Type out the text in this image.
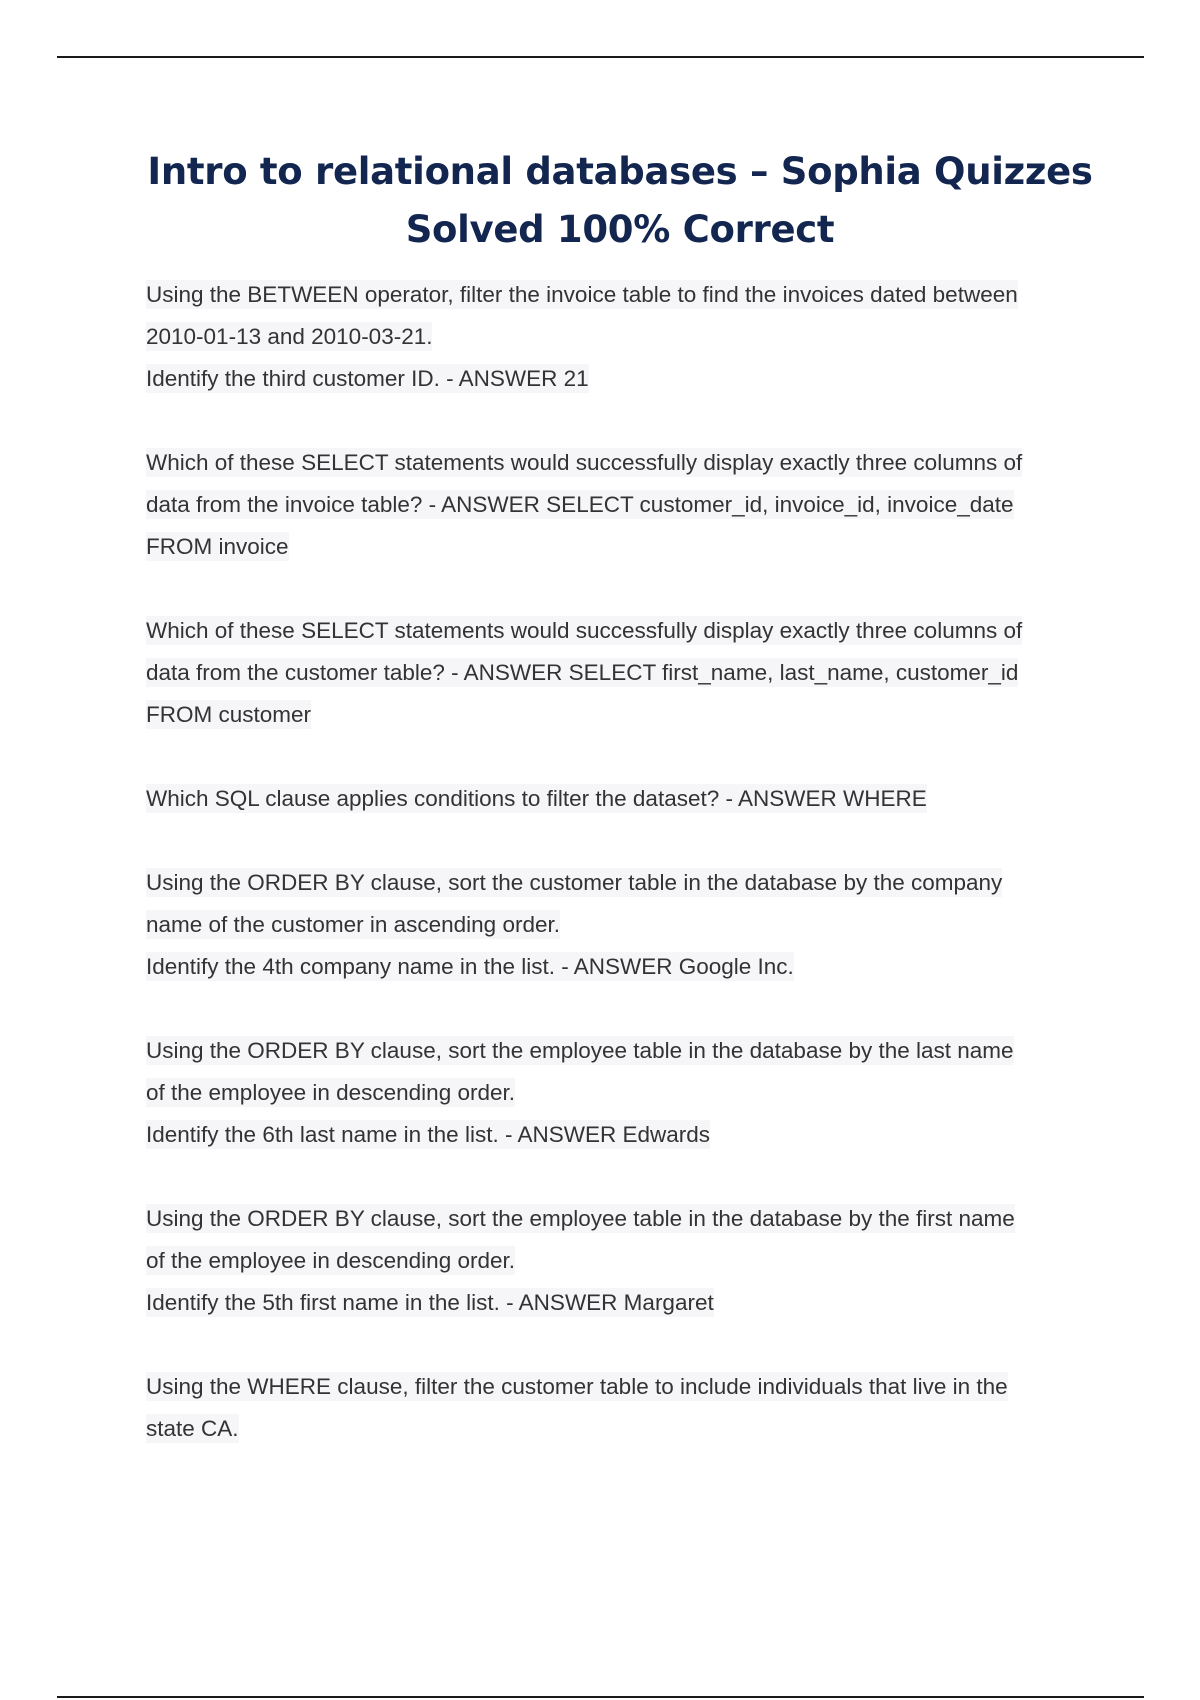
Intro to relational databases – Sophia Quizzes
Solved 100% Correct
Using the BETWEEN operator, filter the invoice table to find the invoices dated between
2010-01-13 and 2010-03-21.
Identify the third customer ID. - ANSWER 21
Which of these SELECT statements would successfully display exactly three columns of
data from the invoice table? - ANSWER SELECT customer_id, invoice_id, invoice_date
FROM invoice
Which of these SELECT statements would successfully display exactly three columns of
data from the customer table? - ANSWER SELECT first_name, last_name, customer_id
FROM customer
Which SQL clause applies conditions to filter the dataset? - ANSWER WHERE
Using the ORDER BY clause, sort the customer table in the database by the company
name of the customer in ascending order.
Identify the 4th company name in the list. - ANSWER Google Inc.
Using the ORDER BY clause, sort the employee table in the database by the last name
of the employee in descending order.
Identify the 6th last name in the list. - ANSWER Edwards
Using the ORDER BY clause, sort the employee table in the database by the first name
of the employee in descending order.
Identify the 5th first name in the list. - ANSWER Margaret
Using the WHERE clause, filter the customer table to include individuals that live in the
state CA.
